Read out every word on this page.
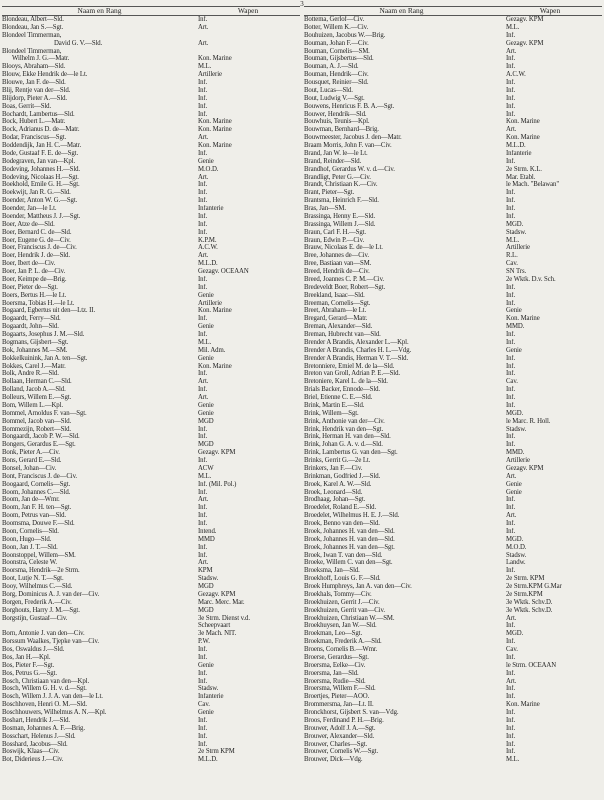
3
Naam en Rang	Wapen
Blondeau, Albert—Sld.	Inf.
Blondeau, Jan S.—Sgt.	Art.
Blondeel Timmerman,
David G. V.—Sld.	Art.
Blondeel Timmerman,
Wilhelm J. G.—Matr.	Kon. Marine
Blooys, Abraham—Sld.	M.L.
Blouw, Ekke Hendrik de—le Lt.	Artillerie
Blouwe, Jan F. de—Sld.	Inf.
Blij, Rentje van der—Sld.	Inf.
Blijdorp, Pieter A.—Sld.	Inf.
Boas, Gerrit—Sld.	Inf.
Bochardt, Lambertus—Sld.	Inf.
Bock, Hubert L.—Matr.	Kon. Marine
Bock, Adrianus D. de—Matr.	Kon. Marine
Bodar, Franciscus—Sgt.	Art.
Boddendijk, Jan H. C.—Matr.	Kon. Marine
Bode, Gustaaf F. E. de—Sgt.	Inf.
Bodegraven, Jan van—Kpl.	Genie
Bodeving, Johannes H.—Sld.	M.O.D.
Bodeving, Nicolaas H.—Sgt.	Art.
Boekhold, Emile G. H.—Sgt.	Inf.
Boekwijt, Jan R. G.—Sld.	Inf.
Boender, Anton W. G.—Sgt.	Inf.
Boender, Jan—le Lt.	Infanterie
Boender, Mattheus J. J.—Sgt.	Inf.
Boer, Atze de—Sld.	Inf.
Boer, Bernard C. de—Sld.	Inf.
Boer, Eugene G. de—Civ.	K.P.M.
Boer, Franciscus J. de—Civ.	A.C.W.
Boer, Hendrik J. de—Sld.	Art.
Boer, Ibert de—Civ.	M.L.D.
Boer, Jan P. L. de—Civ.	Gezagv. OCEAAN
Boer, Keimpe de—Brig.	Inf.
Boer, Pieter de—Sgt.	Inf.
Boers, Bertus H.—le Lt.	Genie
Boersma, Tobias H.—le Lt.	Artillerie
Bogaard, Egbertus uit den—Ltz. II.	Kon. Marine
Bogaardt, Ferry—Sld.	Inf.
Bogaardt, John—Sld.	Genie
Bogaarts, Josephus J. M.—Sld.	Inf.
Bogmans, Gijsbert—Sgt.	M.L.
Bok, Johannes M.—SM.	Mil. Adm.
Bokkelkuinink, Jan A. ten—Sgt.	Genie
Bokkes, Carel J.—Matr.	Kon. Marine
Bolk, Andre R.—Sld.	Inf.
Bollaan, Herman C.—Sld.	Art.
Bolland, Jacob A.—Sld.	Inf.
Bolleurs, Willem E.—Sgt.	Art.
Bom, Willem L.—Kpl.	Genie
Bommel, Arnoldus F. van—Sgt.	Genie
Bommel, Jacob van—Sld.	MGD
Bommezijn, Robert—Sld.	Inf.
Bongaardt, Jacob P. W.—Sld.	Inf.
Bongers, Gerardus E.—Sgt.	MGD
Bonk, Pieter A.—Civ.	Gezagv. KPM
Bons, Gerard E.—Sld.	Inf.
Bonsel, Johan—Civ.	ACW
Bont, Franciscus J. de—Civ.	M.L.
Boogaard, Cornelis—Sgt.	Inf. (Mil. Pol.)
Boom, Johannes C.—Sld.	Inf.
Boom, Jan de—Wmr.	Art.
Boom, Jan F. H. ten—Sgt.	Inf.
Boom, Petrus van—Sld.	Inf.
Boomsma, Douwe F.—Sld.	Inf.
Boon, Cornelis—Sld.	Intend.
Boon, Hugo—Sld.	MMD
Boon, Jan J. T.—Sld.	Inf.
Boonstoppel, Willem—SM.	Inf.
Boonstra, Celeste W.	Art.
Boorsma, Hendrik—2e Strm.	KPM
Boot, Lutje N. T.—Sgt.	Stadsw.
Booy, Wilhelmus C.—Sld.	MGD
Borg, Dominicus A. J. van der—Civ.	Gezagv. KPM
Borgen, Frederik A.—Civ.	Marc. Merc. Mar.
Borghouts, Harry J. M.—Sgt.	MGD
Borgstijn, Gustaaf—Civ.	3e Strm. Dienst v.d.
Scheepvaart
Born, Antonie J. van den—Civ.	3e Mach. NIT.
Borssum Waalkes, Tjepke van—Civ.	P.W.
Bos, Oswaldus J.—Sld.	Inf.
Bos, Jan H.—Kpl.	Inf.
Bos, Pieter F.—Sgt.	Genie
Bos, Petrus G.—Sgt.	Inf.
Bosch, Christiaan van den—Kpl.	Inf.
Bosch, Willem G. H. v. d.—Sgt.	Stadsw.
Bosch, Willem J. J. A. van den—le Lt.	Infanterie
Boschhoven, Henri O. M.—Sld.	Cav.
Boschhouwers, Wilhelmus A. N.—Kpl.	Genie
Boshart, Hendrik J.—Sld.	Inf.
Bosman, Johannes A. F.—Brig.	Inf.
Bosschart, Helenus J.—Sld.	Inf.
Bosshard, Jacobus—Sld.	Inf.
Boswijk, Klaas—Civ.	2e Strm KPM
Bot, Diderieus J.—Civ.	M.L.D.
Naam en Rang	Wapen
Bottema, Gerlof—Civ.	Gezagv. KPM
Botter, Willem K.—Civ.	M.L.
Bouhuizen, Jacobus W.—Brig.	Inf.
Bouman, Johan F.—Civ.	Gezagv. KPM
Bouman, Cornelis—SM.	Art.
Bouman, Gijsbertus—Sld.	Inf.
Bouman, A. J.—Sld.	Inf.
Bouman, Hendrik—Civ.	A.C.W.
Bousquet, Reinier—Sld.	Inf.
Bout, Lucas—Sld.	Inf.
Bout, Ludwig V.—Sgt.	Inf.
Bouwens, Henricus F. B. A.—Sgt.	Inf.
Bouwer, Hendrik—Sld.	Inf.
Bouwhuis, Teunis—Kpl.	Kon. Marine
Bouwman, Bernhard—Brig.	Art.
Bouwmeester, Jacobus J. den—Matr.	Kon. Marine
Braam Morris, John F. van—Civ.	M.L.D.
Brand, Jan W. le—le Lt.	Infanterie
Brand, Reinder—Sld.	Inf.
Brandhof, Gerardus W. v. d.—Civ.	2e Strm. K.L.
Brandligt, Peter G.—Civ.	Mar. Etabl.
Brandt, Christiaan K.—Civ.	le Mach. "Belawan"
Brant, Pieter—Sgt.	Inf.
Brantsma, Heinrich F.—Sld.	Inf.
Bras, Jan—SM.	Inf.
Brassinga, Henny E.—Sld.	Inf.
Brassinga, Willem J.—Sld.	MGD.
Braun, Carl F. H.—Sgt.	Stadsw.
Braun, Edwin P.—Civ.	M.L.
Brauw, Nicolaas E. de—le Lt.	Artillerie
Bree, Johannes de—Civ.	R.L.
Bree, Bastiaan van—SM.	Cav.
Breed, Hendrik de—Civ.	SN Trs.
Breed, Joannes C. P. M.—Civ.	2e Wktk. D.v. Sch.
Bredeveldt Boer, Robert—Sgt.	Inf.
Breekland, Isaac—Sld.	Inf.
Breeman, Cornelis—Sgt.	Inf.
Breet, Abraham—le Lt.	Genie
Bregard, Gerard—Matr.	Kon. Marine
Breman, Alexander—Sld.	MMD.
Breman, Hubrecht van—Sld.	Inf.
Brender A Brandis, Alexander L.—Kpl.	Inf.
Brender A Brandis, Charles H. L.—Vdg.	Genie
Brender A Brandis, Herman V. T.—Sld.	Inf.
Bretonniere, Emiel M. de la—Sld.	Inf.
Breton van Groll, Adrian P. E.—Sld.	Inf.
Bretoniere, Karel L. de la—Sld.	Cav.
Brials Backer, Ennode—Sld.	Inf.
Briel, Etienne C. E.—Sld.	Inf.
Brink, Martin E.—Sld.	Inf.
Brink, Willem—Sgt.	MGD.
Brink, Anthonie van der—Civ.	le Marc. R. Holl.
Brink, Hendrik van den—Sgt.	Stadsw.
Brink, Herman H. van den—Sld.	Inf.
Brink, Johan G. A. v. d.—Sld.	Inf.
Brink, Lambertus G. van den—Sgt.	MMD.
Brinks, Gerrit G.—2e Lt.	Artillerie
Brinkers, Jan F.—Civ.	Gezagv. KPM
Brinkman, Godfried J.—Sld.	Art.
Broek, Karel A. W.—Sld.	Genie
Broek, Leonard—Sld.	Genie
Brodhaag, Johan—Sgt.	Inf.
Broedelet, Roland E.—Sld.	Inf.
Broedelet, Wilhelmus H. E. J.—Sld.	Art.
Broek, Benno van den—Sld.	Inf.
Broek, Johannes H. van den—Sld.	Inf.
Broek, Johannes H. van den—Sld.	MGD.
Broek, Johannes H. van den—Sgt.	M.O.D.
Broek, Iwan T. van den—Sld.	Stadsw.
Broeke, Willem C. van den—Sgt.	Landw.
Broeksma, Jan—Sld.	Inf.
Broekhoff, Louis G. F.—Sld.	2e Strm. KPM
Broek Humphreys, Jan A. van den—Civ.	2e Strm.KPM G.Mar
Broekhals, Tommy—Civ.	2e Strm.KPM
Broekhuizen, Gerrit J.—Civ.	3e Wktk. Schv.D.
Broekhuizen, Gerrit van—Civ.	3e Wktk. Schv.D.
Broekhuizen, Christiaan W.—SM.	Art.
Broekhuysen, Jan W.—Sld.	Inf.
Broekman, Leo—Sgt.	MGD.
Broekman, Frederik A.—Sld.	Inf.
Broens, Cornelis B.—Wmr.	Cav.
Broerse, Gerardus—Sgt.	Inf.
Broersma, Eelke—Civ.	le Strm. OCEAAN
Broersma, Jan—Sld.	Inf.
Broersma, Rudie—Sld.	Art.
Broersma, Willem F.—Sld.	Inf.
Broertjes, Pieter—AOO.	Inf.
Brommersma, Jan—Lt. II.	Kon. Marine
Bronckhorst, Gijsbert S. van—Vdg.	Inf.
Broos, Ferdinand P. H.—Brig.	Inf.
Brouwer, Adolf J. A.—Sgt.	Inf.
Brouwer, Alexander—Sld.	Inf.
Brouwer, Charles—Sgt.	Inf.
Brouwer, Cornelis W.—Sgt.	Inf.
Brouwer, Dick—Vdg.	M.L.
